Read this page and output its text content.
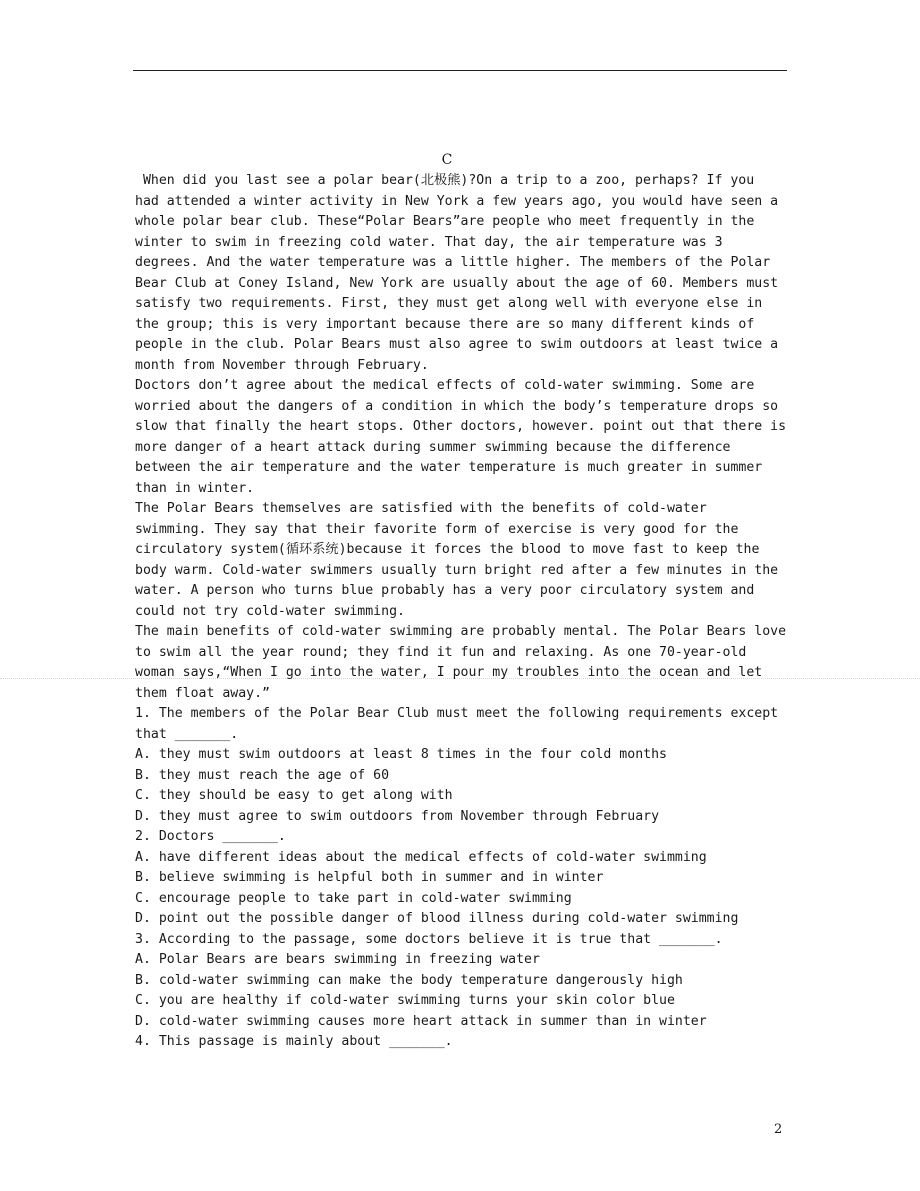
C
When did you last see a polar bear(北极熊)?On a trip to a zoo, perhaps? If you
had attended a winter activity in New York a few years ago, you would have seen a
whole polar bear club. These“Polar Bears”are people who meet frequently in the
winter to swim in freezing cold water. That day, the air temperature was 3
degrees. And the water temperature was a little higher. The members of the Polar
Bear Club at Coney Island, New York are usually about the age of 60. Members must
satisfy two requirements. First, they must get along well with everyone else in
the group; this is very important because there are so many different kinds of
people in the club. Polar Bears must also agree to swim outdoors at least twice a
month from November through February.
Doctors don’t agree about the medical effects of cold-water swimming. Some are
worried about the dangers of a condition in which the body’s temperature drops so
slow that finally the heart stops. Other doctors, however. point out that there is
more danger of a heart attack during summer swimming because the difference
between the air temperature and the water temperature is much greater in summer
than in winter.
The Polar Bears themselves are satisfied with the benefits of cold-water
swimming. They say that their favorite form of exercise is very good for the
circulatory system(循环系统)because it forces the blood to move fast to keep the
body warm. Cold-water swimmers usually turn bright red after a few minutes in the
water. A person who turns blue probably has a very poor circulatory system and
could not try cold-water swimming.
The main benefits of cold-water swimming are probably mental. The Polar Bears love
to swim all the year round; they find it fun and relaxing. As one 70-year-old
woman says,“When I go into the water, I pour my troubles into the ocean and let
them float away.”
1. The members of the Polar Bear Club must meet the following requirements except
that _______.
A. they must swim outdoors at least 8 times in the four cold months
B. they must reach the age of 60
C. they should be easy to get along with
D. they must agree to swim outdoors from November through February
2. Doctors _______.
A. have different ideas about the medical effects of cold-water swimming
B. believe swimming is helpful both in summer and in winter
C. encourage people to take part in cold-water swimming
D. point out the possible danger of blood illness during cold-water swimming
3. According to the passage, some doctors believe it is true that _______.
A. Polar Bears are bears swimming in freezing water
B. cold-water swimming can make the body temperature dangerously high
C. you are healthy if cold-water swimming turns your skin color blue
D. cold-water swimming causes more heart attack in summer than in winter
4. This passage is mainly about _______.
2
